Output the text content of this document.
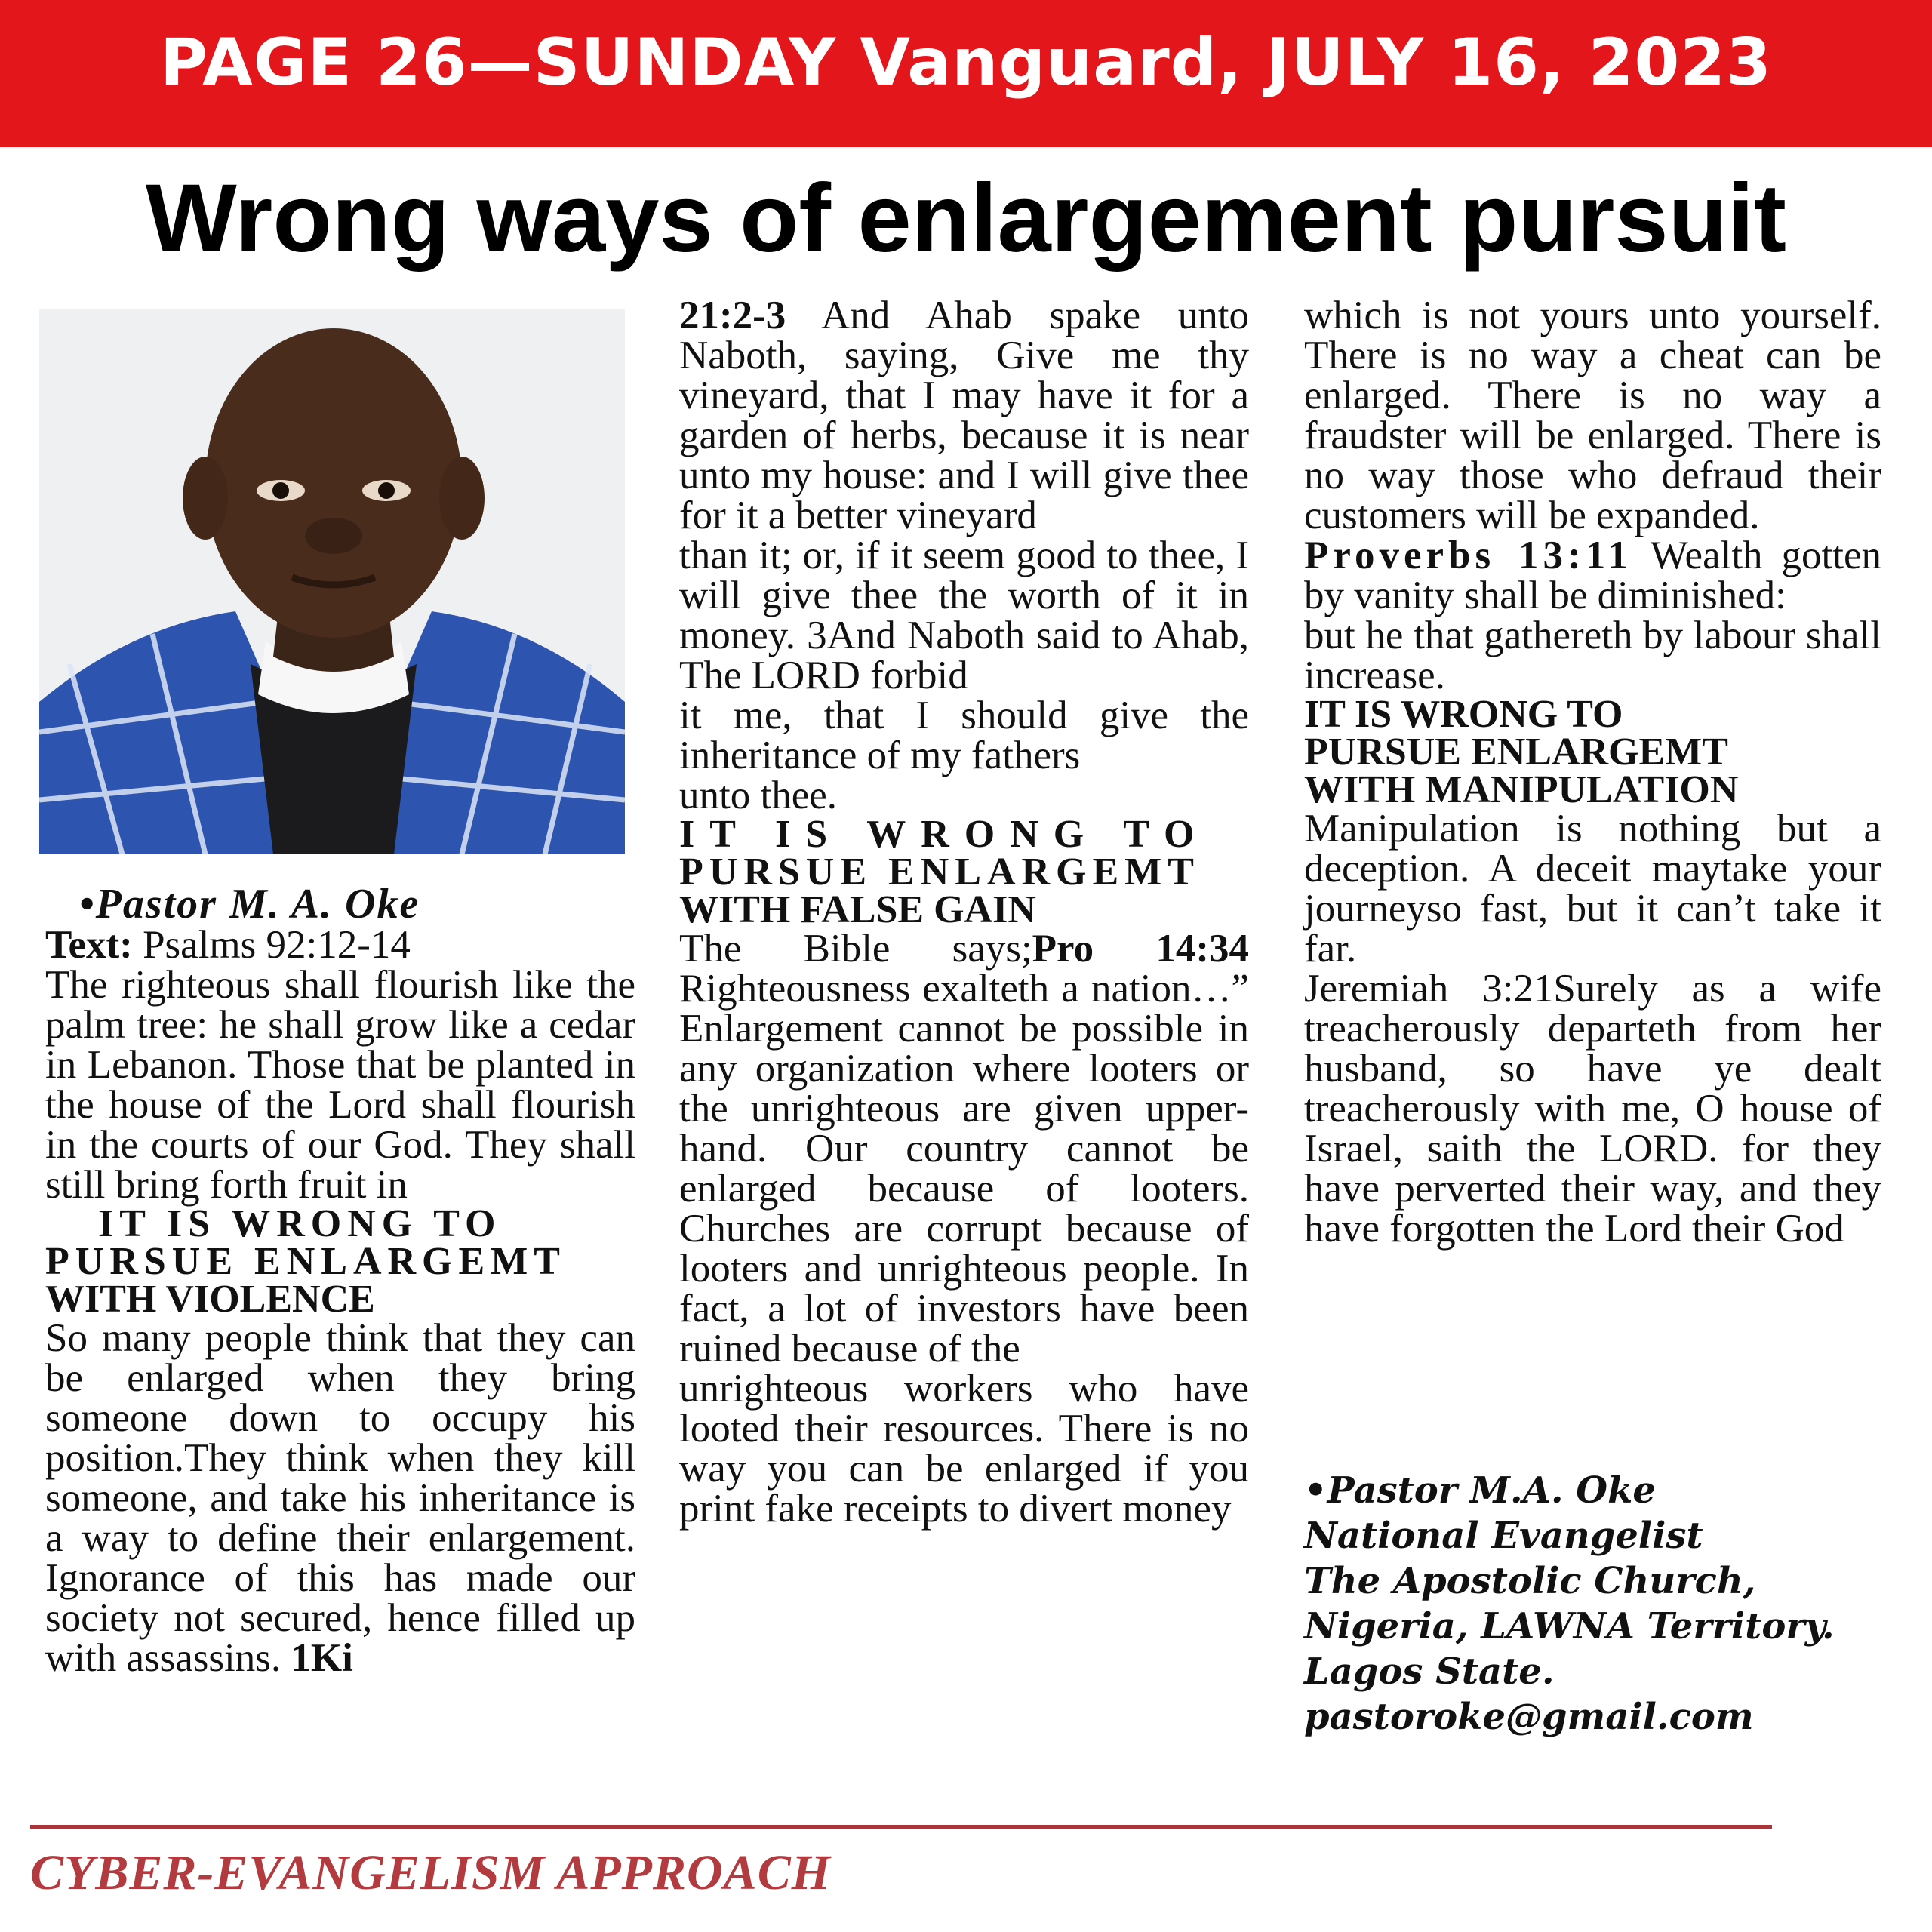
PAGE 26—SUNDAY Vanguard, JULY 16, 2023
Wrong ways of enlargement pursuit
•Pastor M. A. Oke

Text: Psalms 92:12-14

The righteous shall flourish like the palm tree: he shall grow like a cedar in Lebanon. Those that be planted in the house of the Lord shall flourish in the courts of our God. They shall still bring forth fruit in

IT IS WRONG TO
PURSUE ENLARGEMT
WITH VIOLENCE

So many people think that they can be enlarged when they bring someone down to occupy his position.They think when they kill someone, and take his inheritance is a way to define their enlargement. Ignorance of this has made our society not secured, hence filled up with assassins. 1Ki

21:2-3 And Ahab spake unto Naboth, saying, Give me thy vineyard, that I may have it for a garden of herbs, because it is near unto my house: and I will give thee for it a better vineyard

than it; or, if it seem good to thee, I will give thee the worth of it in money. 3And Naboth said to Ahab, The LORD forbid

it me, that I should give the inheritance of my fathers

unto thee.

IT IS WRONG TO
PURSUE ENLARGEMT
WITH FALSE GAIN

The Bible says;Pro 14:34 Righteousness exalteth a nation…” Enlargement cannot be possible in any organization where looters or the unrighteous are given upper-hand. Our country cannot be enlarged because of looters. Churches are corrupt because of looters and unrighteous people. In fact, a lot of investors have been ruined because of the

unrighteous workers who have looted their resources. There is no way you can be enlarged if you print fake receipts to divert money

which is not yours unto yourself. There is no way a cheat can be enlarged. There is no way a fraudster will be enlarged. There is no way those who defraud their customers will be expanded.

Proverbs 13:11 Wealth gotten by vanity shall be diminished:

but he that gathereth by labour shall increase.

IT IS WRONG TO
PURSUE ENLARGEMT
WITH MANIPULATION

Manipulation is nothing but a deception. A deceit maytake your journeyso fast, but it can’t take it far.

Jeremiah 3:21Surely as a wife treacherously departeth from her husband, so have ye dealt treacherously with me, O house of Israel, saith the LORD. for they have perverted their way, and they have forgotten the Lord their God

•Pastor M.A. Oke

National Evangelist

The Apostolic Church,

Nigeria, LAWNA Territory.

Lagos State.

pastoroke@gmail.com

CYBER-EVANGELISM APPROACH
